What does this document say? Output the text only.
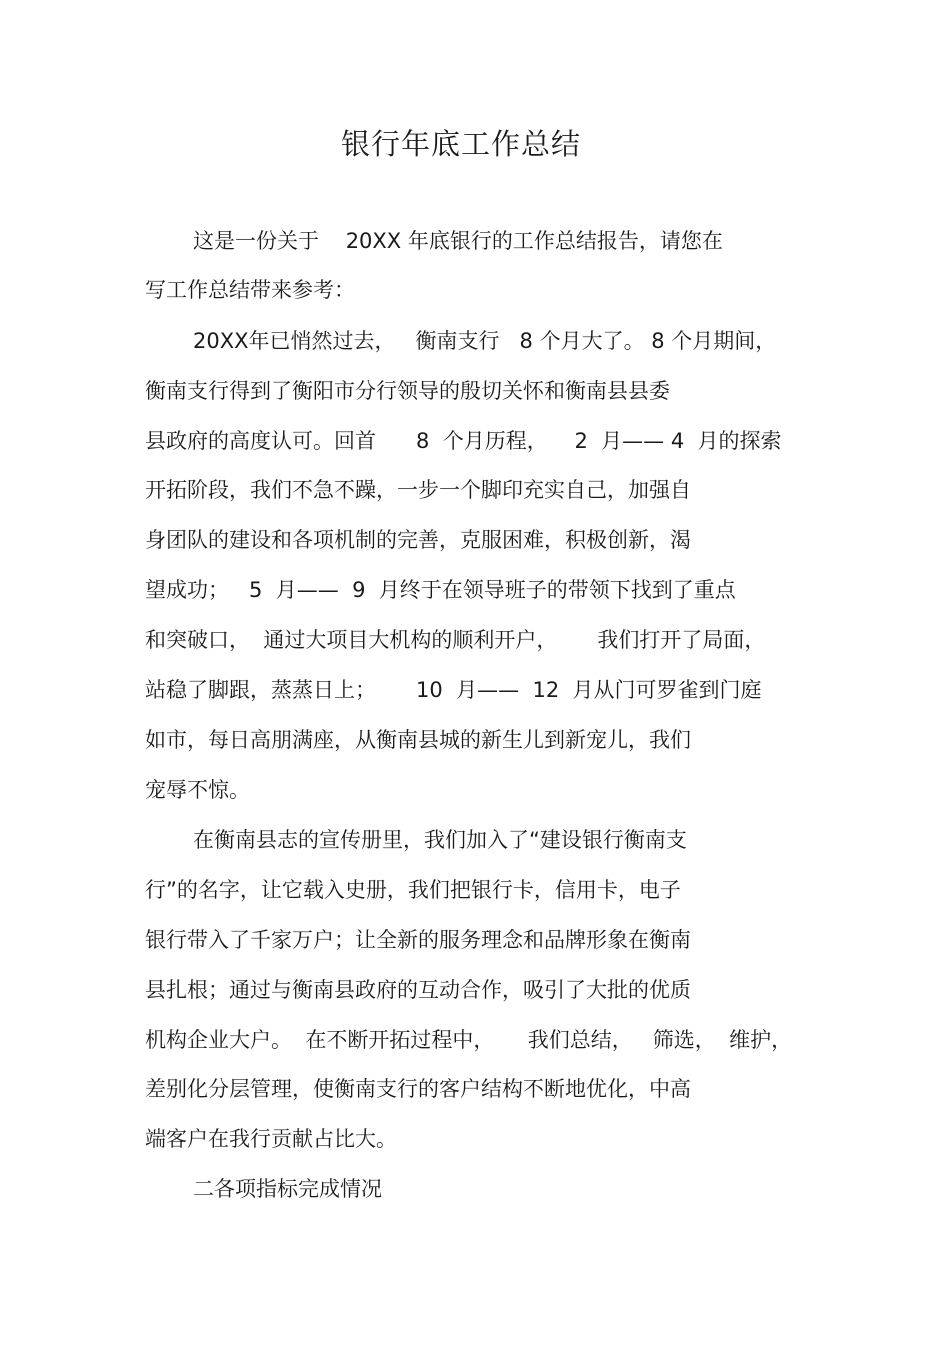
银行年底工作总结

这是一份关于    20XX 年底银行的工作总结报告，请您在

写工作总结带来参考：

20XX年已悄然过去，   衡南支行   8 个月大了。 8 个月期间，

衡南支行得到了衡阳市分行领导的殷切关怀和衡南县县委

县政府的高度认可。回首      8  个月历程，    2  月—— 4  月的探索

开拓阶段，我们不急不躁，一步一个脚印充实自己，加强自

身团队的建设和各项机制的完善，克服困难，积极创新，渴

望成功；   5  月——  9  月终于在领导班子的带领下找到了重点

和突破口，  通过大项目大机构的顺利开户，      我们打开了局面，

站稳了脚跟，蒸蒸日上；      10  月——  12  月从门可罗雀到门庭

如市，每日高朋满座，从衡南县城的新生儿到新宠儿，我们

宠辱不惊。

在衡南县志的宣传册里，我们加入了“建设银行衡南支

行”的名字，让它载入史册，我们把银行卡，信用卡，电子

银行带入了千家万户；让全新的服务理念和品牌形象在衡南

县扎根；通过与衡南县政府的互动合作，吸引了大批的优质

机构企业大户。  在不断开拓过程中，     我们总结，   筛选，  维护，

差别化分层管理，使衡南支行的客户结构不断地优化，中高

端客户在我行贡献占比大。

二各项指标完成情况
